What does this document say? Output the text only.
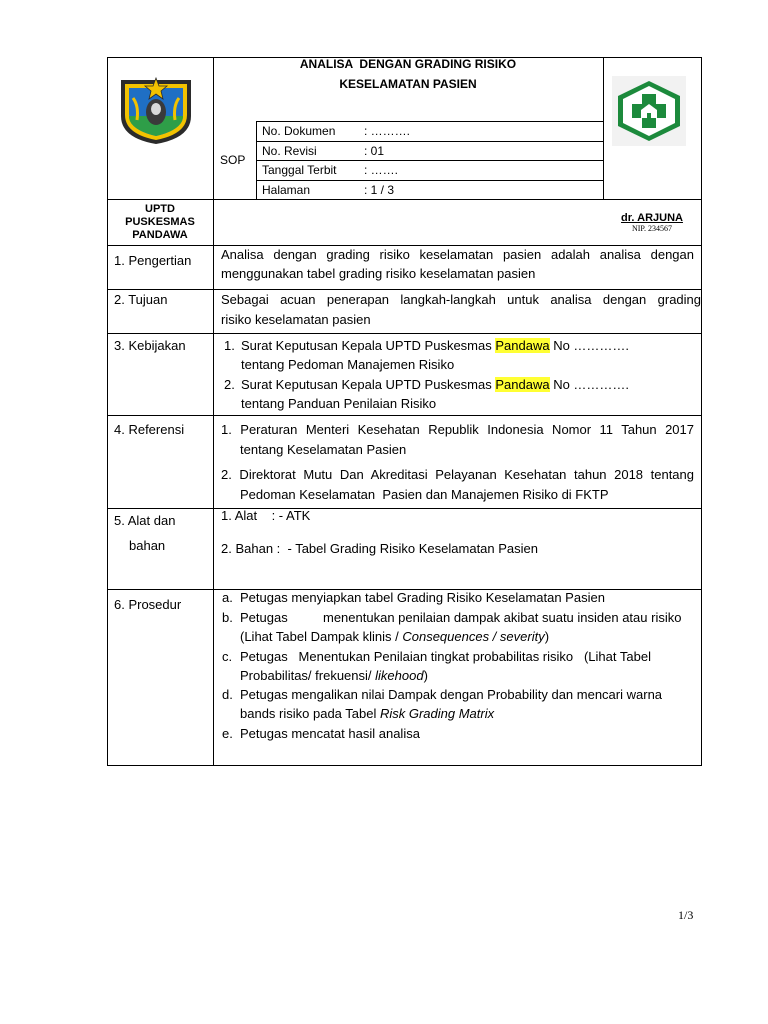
ANALISA  DENGAN GRADING RISIKO
KESELAMATAN PASIEN
SOP
No. Dokumen : ……….
No. Revisi	: 01
Tanggal Terbit : …….
Halaman	: 1 / 3
UPTD
PUSKESMAS
PANDAWA
dr. ARJUNA
NIP. 234567
1. Pengertian Analisa dengan grading risiko keselamatan pasien adalah analisa dengan
menggunakan tabel grading risiko keselamatan pasien
2. Tujuan	Sebagai acuan penerapan langkah-langkah untuk analisa dengan grading
risiko keselamatan pasien
3. Kebijakan	1. Surat Keputusan Kepala UPTD Puskesmas Pandawa No ………….
tentang Pedoman Manajemen Risiko
2. Surat Keputusan Kepala UPTD Puskesmas Pandawa No ………….
tentang Panduan Penilaian Risiko
4. Referensi	1. Peraturan Menteri Kesehatan Republik Indonesia Nomor 11 Tahun 2017
tentang Keselamatan Pasien
2. Direktorat Mutu Dan Akreditasi Pelayanan Kesehatan tahun 2018 tentang
Pedoman Keselamatan  Pasien dan Manajemen Risiko di FKTP
5. Alat dan
bahan
1. Alat    : - ATK
2. Bahan :  - Tabel Grading Risiko Keselamatan Pasien
6. Prosedur	a. Petugas menyiapkan tabel Grading Risiko Keselamatan Pasien
b. Petugas	menentukan penilaian dampak akibat suatu insiden atau risiko
(Lihat Tabel Dampak klinis / Consequences / severity)
c. Petugas   Menentukan Penilaian tingkat probabilitas risiko   (Lihat Tabel
Probabilitas/ frekuensi/ likehood)
d. Petugas mengalikan nilai Dampak dengan Probability dan mencari warna
bands risiko pada Tabel Risk Grading Matrix
e. Petugas mencatat hasil analisa
1/3
